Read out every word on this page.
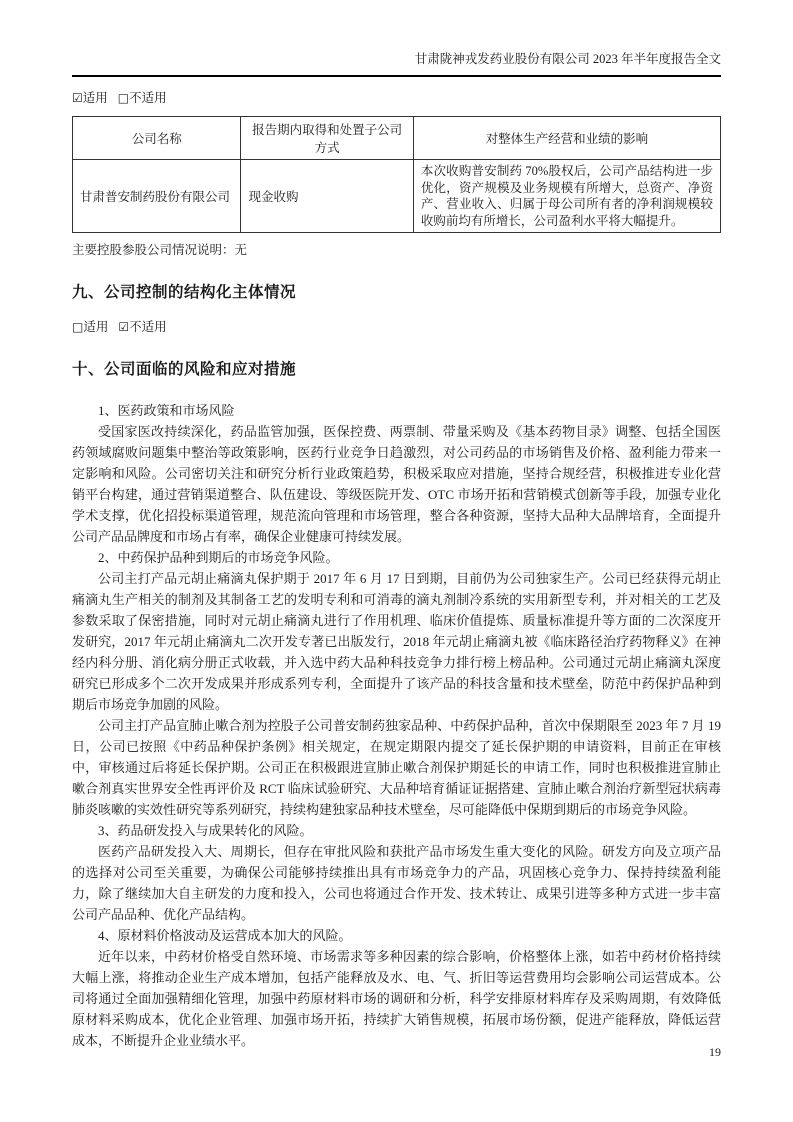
甘肃陇神戎发药业股份有限公司 2023 年半年度报告全文
☑适用 □不适用
公司名称	报告期内取得和处置子公司方式	对整体生产经营和业绩的影响
甘肃普安制药股份有限公司	现金收购	本次收购普安制药 70%股权后，公司产品结构进一步优化，资产规模及业务规模有所增大，总资产、净资产、营业收入、归属于母公司所有者的净利润规模较收购前均有所增长，公司盈利水平将大幅提升。
主要控股参股公司情况说明：无
九、公司控制的结构化主体情况
□适用 ☑不适用
十、公司面临的风险和应对措施

1、医药政策和市场风险

受国家医改持续深化，药品监管加强，医保控费、两票制、带量采购及《基本药物目录》调整、包括全国医药领域腐败问题集中整治等政策影响，医药行业竞争日趋激烈，对公司药品的市场销售及价格、盈利能力带来一定影响和风险。公司密切关注和研究分析行业政策趋势，积极采取应对措施，坚持合规经营，积极推进专业化营销平台构建，通过营销渠道整合、队伍建设、等级医院开发、OTC 市场开拓和营销模式创新等手段，加强专业化学术支撑，优化招投标渠道管理，规范流向管理和市场管理，整合各种资源，坚持大品种大品牌培育，全面提升公司产品品牌度和市场占有率，确保企业健康可持续发展。

2、中药保护品种到期后的市场竞争风险。

公司主打产品元胡止痛滴丸保护期于 2017 年 6 月 17 日到期，目前仍为公司独家生产。公司已经获得元胡止痛滴丸生产相关的制剂及其制备工艺的发明专利和可消毒的滴丸剂制冷系统的实用新型专利，并对相关的工艺及参数采取了保密措施，同时对元胡止痛滴丸进行了作用机理、临床价值提炼、质量标准提升等方面的二次深度开发研究，2017 年元胡止痛滴丸二次开发专著已出版发行，2018 年元胡止痛滴丸被《临床路径治疗药物释义》在神经内科分册、消化病分册正式收载，并入选中药大品种科技竞争力排行榜上榜品种。公司通过元胡止痛滴丸深度研究已形成多个二次开发成果并形成系列专利，全面提升了该产品的科技含量和技术壁垒，防范中药保护品种到期后市场竞争加剧的风险。

公司主打产品宣肺止嗽合剂为控股子公司普安制药独家品种、中药保护品种，首次中保期限至 2023 年 7 月 19 日，公司已按照《中药品种保护条例》相关规定，在规定期限内提交了延长保护期的申请资料，目前正在审核中，审核通过后将延长保护期。公司正在积极跟进宣肺止嗽合剂保护期延长的申请工作，同时也积极推进宣肺止嗽合剂真实世界安全性再评价及 RCT 临床试验研究、大品种培育循证证据搭建、宣肺止嗽合剂治疗新型冠状病毒肺炎咳嗽的实效性研究等系列研究，持续构建独家品种技术壁垒，尽可能降低中保期到期后的市场竞争风险。

3、药品研发投入与成果转化的风险。

医药产品研发投入大、周期长，但存在审批风险和获批产品市场发生重大变化的风险。研发方向及立项产品的选择对公司至关重要，为确保公司能够持续推出具有市场竞争力的产品，巩固核心竞争力、保持持续盈利能力，除了继续加大自主研发的力度和投入，公司也将通过合作开发、技术转让、成果引进等多种方式进一步丰富公司产品品种、优化产品结构。

4、原材料价格波动及运营成本加大的风险。

近年以来，中药材价格受自然环境、市场需求等多种因素的综合影响，价格整体上涨，如若中药材价格持续大幅上涨，将推动企业生产成本增加，包括产能释放及水、电、气、折旧等运营费用均会影响公司运营成本。公司将通过全面加强精细化管理，加强中药原材料市场的调研和分析，科学安排原材料库存及采购周期，有效降低原材料采购成本，优化企业管理、加强市场开拓，持续扩大销售规模，拓展市场份额，促进产能释放，降低运营成本，不断提升企业业绩水平。

19
